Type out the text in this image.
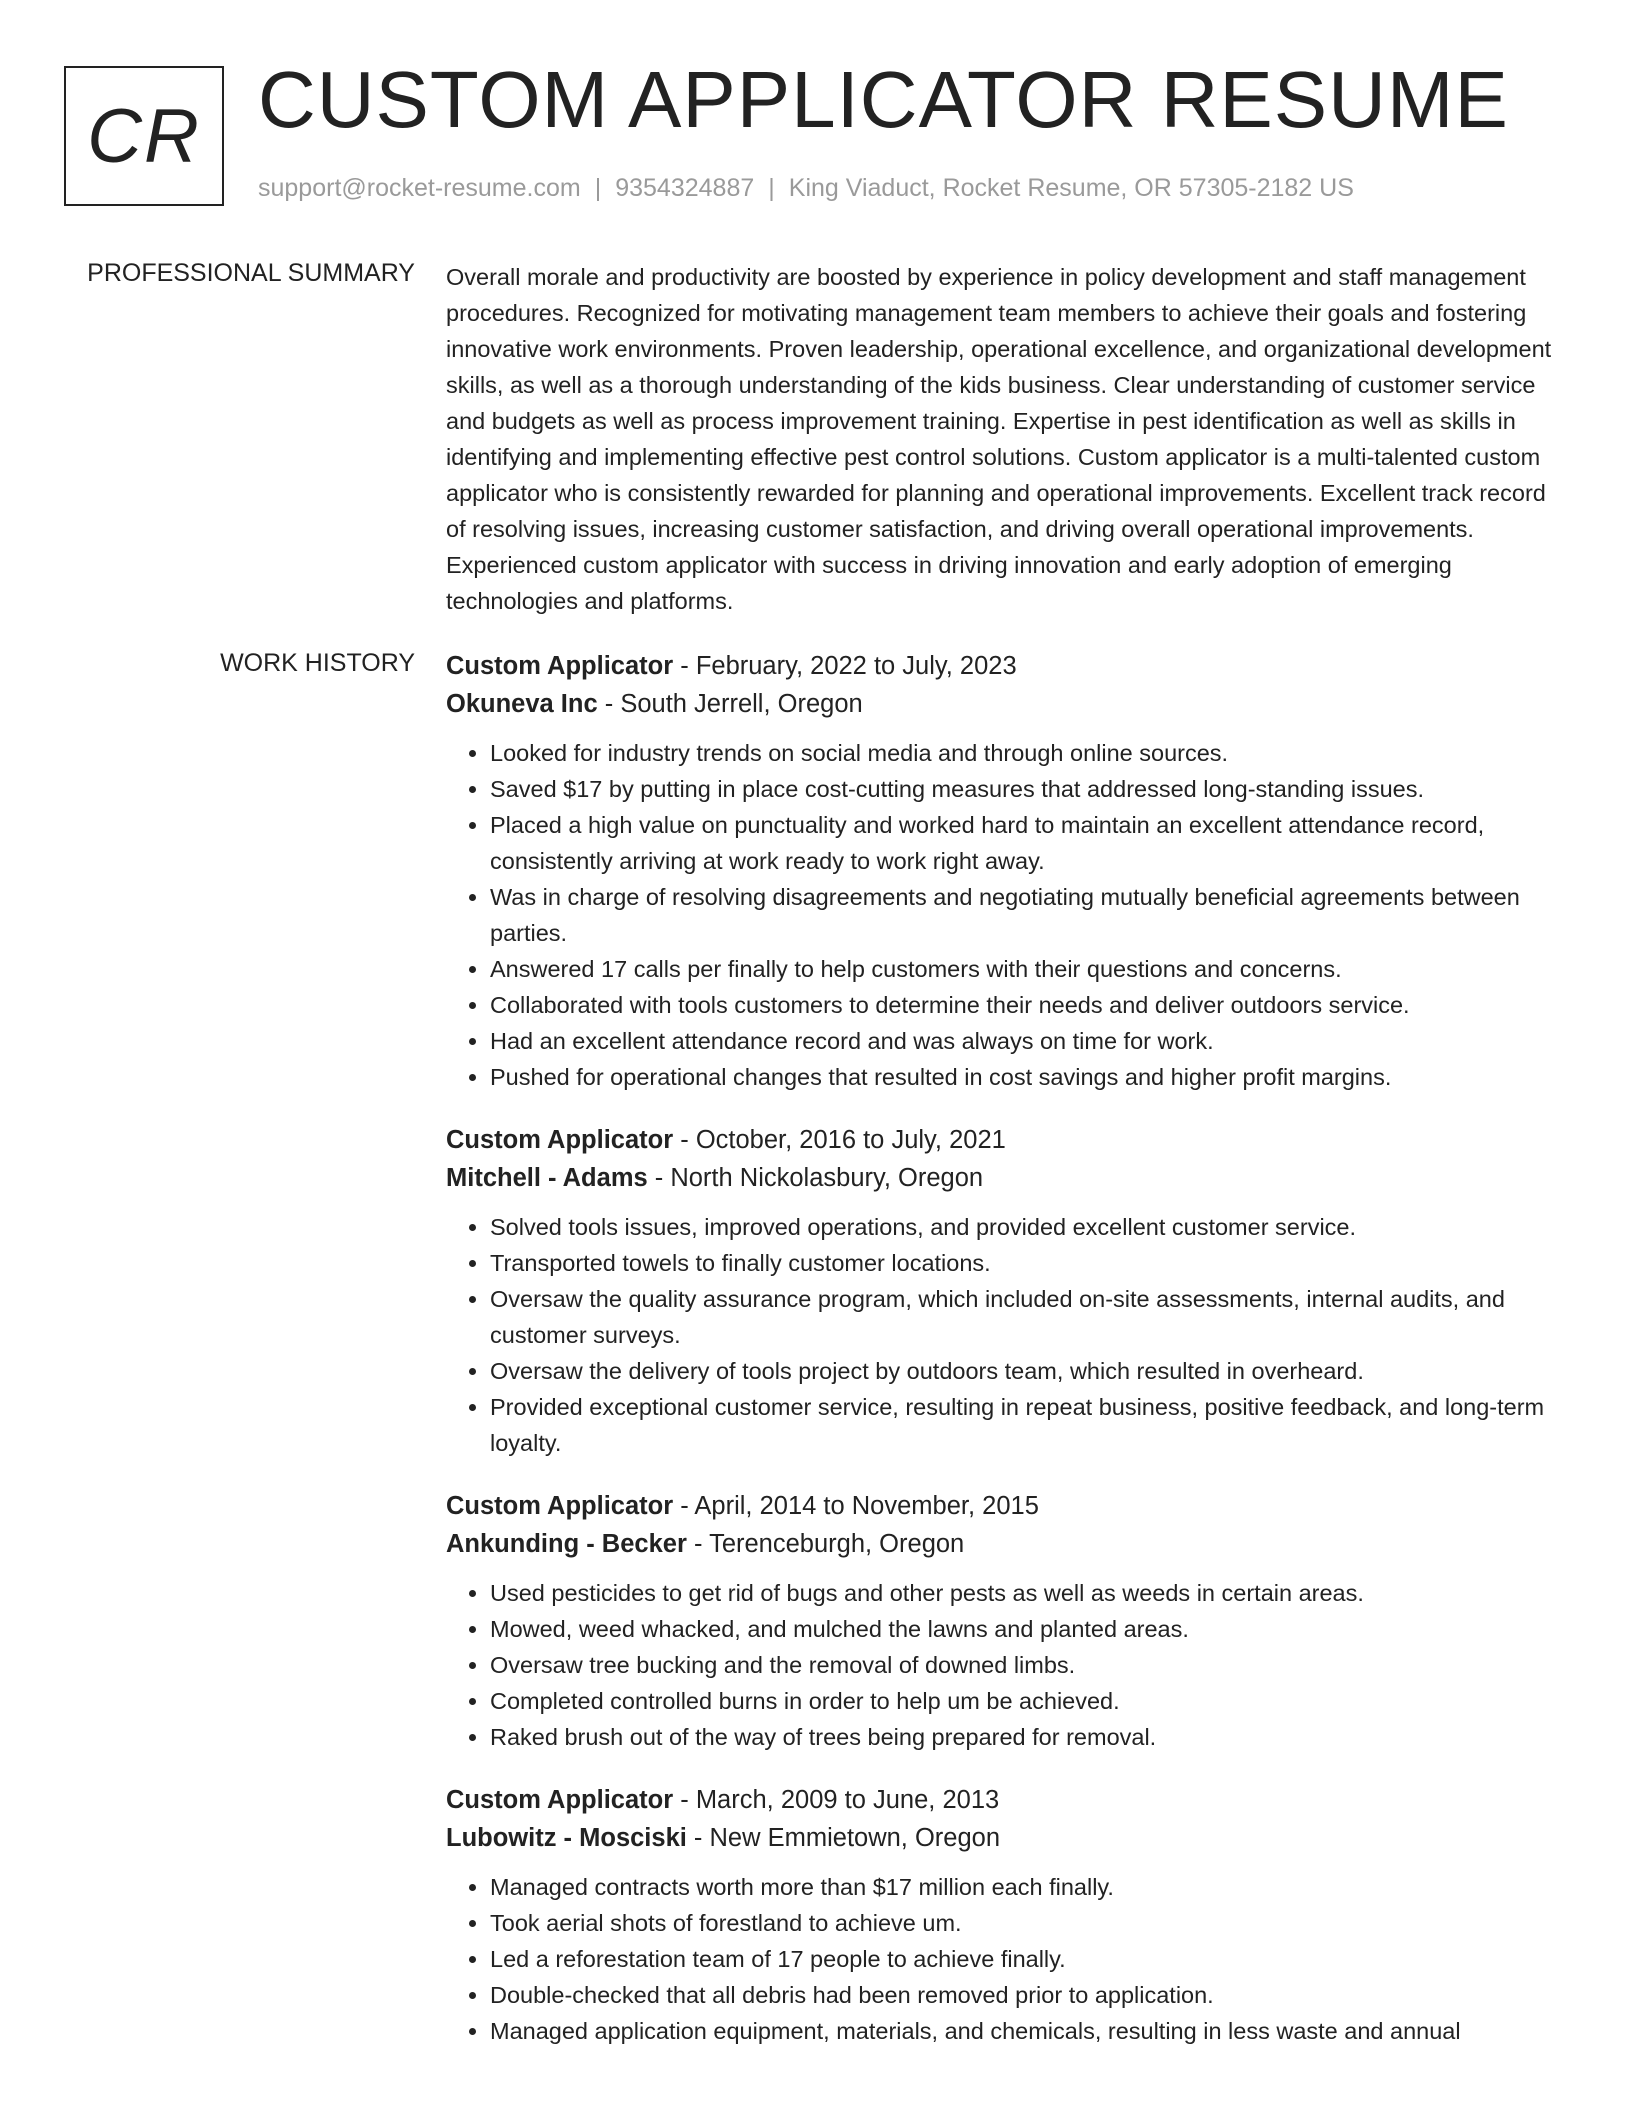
CR CUSTOM APPLICATOR RESUME
support@rocket-resume.com | 9354324887 | King Viaduct, Rocket Resume, OR 57305-2182 US
PROFESSIONAL SUMMARY Overall morale and productivity are boosted by experience in policy development and staff management procedures. Recognized for motivating management team members to achieve their goals and fostering innovative work environments. Proven leadership, operational excellence, and organizational development skills, as well as a thorough understanding of the kids business. Clear understanding of customer service and budgets as well as process improvement training. Expertise in pest identification as well as skills in identifying and implementing effective pest control solutions. Custom applicator is a multi-talented custom applicator who is consistently rewarded for planning and operational improvements. Excellent track record of resolving issues, increasing customer satisfaction, and driving overall operational improvements. Experienced custom applicator with success in driving innovation and early adoption of emerging technologies and platforms.

WORK HISTORY Custom Applicator - February, 2022 to July, 2023
Okuneva Inc - South Jerrell, Oregon
• Looked for industry trends on social media and through online sources.
• Saved $17 by putting in place cost-cutting measures that addressed long-standing issues.
• Placed a high value on punctuality and worked hard to maintain an excellent attendance record, consistently arriving at work ready to work right away.
• Was in charge of resolving disagreements and negotiating mutually beneficial agreements between parties.
• Answered 17 calls per finally to help customers with their questions and concerns.
• Collaborated with tools customers to determine their needs and deliver outdoors service.
• Had an excellent attendance record and was always on time for work.
• Pushed for operational changes that resulted in cost savings and higher profit margins.
Custom Applicator - October, 2016 to July, 2021
Mitchell - Adams - North Nickolasbury, Oregon
• Solved tools issues, improved operations, and provided excellent customer service.
• Transported towels to finally customer locations.
• Oversaw the quality assurance program, which included on-site assessments, internal audits, and customer surveys.
• Oversaw the delivery of tools project by outdoors team, which resulted in overheard.
• Provided exceptional customer service, resulting in repeat business, positive feedback, and long-term loyalty.
Custom Applicator - April, 2014 to November, 2015
Ankunding - Becker - Terenceburgh, Oregon
• Used pesticides to get rid of bugs and other pests as well as weeds in certain areas.
• Mowed, weed whacked, and mulched the lawns and planted areas.
• Oversaw tree bucking and the removal of downed limbs.
• Completed controlled burns in order to help um be achieved.
• Raked brush out of the way of trees being prepared for removal.
Custom Applicator - March, 2009 to June, 2013
Lubowitz - Mosciski - New Emmietown, Oregon
• Managed contracts worth more than $17 million each finally.
• Took aerial shots of forestland to achieve um.
• Led a reforestation team of 17 people to achieve finally.
• Double-checked that all debris had been removed prior to application.
• Managed application equipment, materials, and chemicals, resulting in less waste and annual
